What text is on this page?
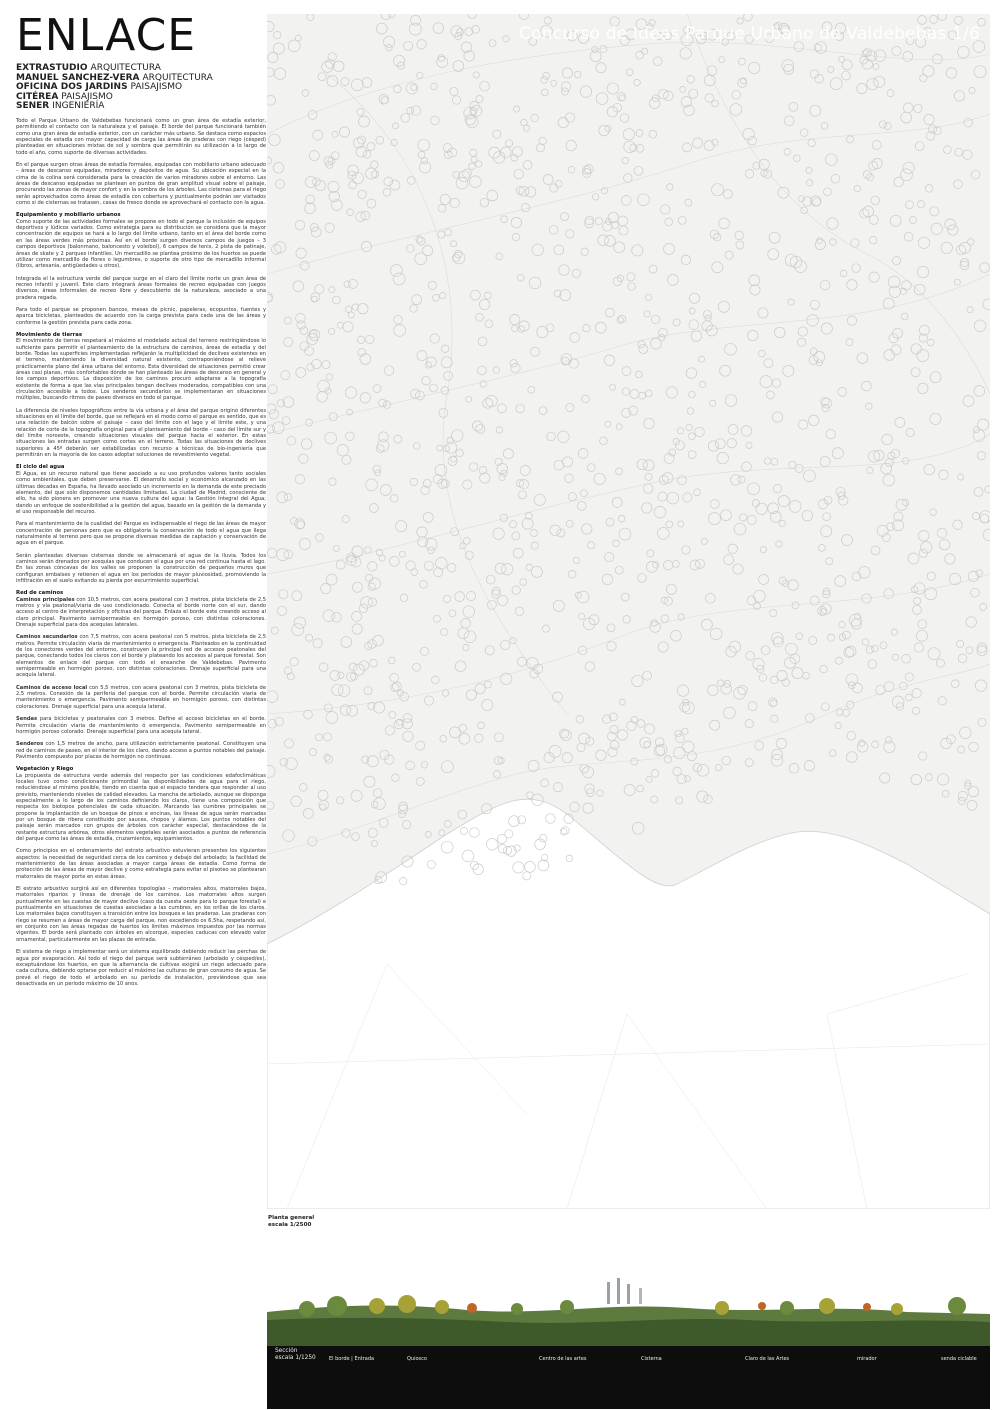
ENLACE
EXTRASTUDIO ARQUITECTURA
MANUEL SANCHEZ-VERA ARQUITECTURA
OFICINA DOS JARDINS PAISAJISMO
CITÉREA PAISAJISMO
SENER INGENIERÍA

Todo el Parque Urbano de Valdebebas funcionará como un gran área de estadía exterior, permitiendo el contacto con la naturaleza y el paisaje. El borde del parque funcionará también como una gran área de estadía exterior, con un carácter más urbano. Se destaca como espacios especiales de estadía con mayor capacidad de carga las áreas de praderas con riego (césped) planteadas en situaciones mixtas de sol y sombra que permitirán su utilización a lo largo de todo el año, como suporte de diversas actividades.

En el parque surgen otras áreas de estadía formales, equipadas con mobiliario urbano adecuado – áreas de descanso equipadas, miradores y depósitos de agua. Su ubicación especial en la cima de la colina será considerada para la creación de varios miradores sobre el entorno. Las áreas de descanso equipadas se plantean en puntos de gran amplitud visual sobre el paisaje, procurando las zonas de mayor confort y en la sombra de los árboles. Las cisternas para el riego serán aprovechados como áreas de estadía con cobertura y puntualmente podrán ser visitados como si de cisternas se tratasen, casas de fresco donde se aprovechará el contacto con la agua.

Equipamiento y mobiliario urbanos

Como suporte de las actividades formales se propone en todo el parque la inclusión de equipos deportivos y lúdicos variados. Como estrategia para su distribución se considera que la mayor concentración de equipos se hará a lo largo del límite urbano, tanto en el área del borde como en las áreas verdes más próximas. Así en el borde surgen diversos campos de juegos – 3 campos deportivos (balonmano, baloncesto y voleibol), 6 campos de tenis, 2 pista de patinaje, áreas de skate y 2 parques infantiles. Un mercadillo se plantea próximo de los huertos se puede utilizar como mercadillo de flores o legumbres, o suporte de otro tipo de mercadillo informal (libros, artesanía, antigüedades u otros).

Integrada el la estructura verde del parque surge en el claro del límite norte un gran área de recreo infantil y juvenil. Este claro integrará áreas formales de recreo equipadas con juegos diversos, áreas informales de recreo libre y descubierto de la naturaleza, asociado a una pradera regada.

Para todo el parque se proponen bancos, mesas de picnic, papeleras, ecopuntos, fuentes y aparca bicicletas, planteados de acuerdo con la carga prevista para cada una de las áreas y conforme la gestión prevista para cada zona.

Movimiento de tierras

El movimiento de tierras respetará al máximo el modelado actual del terreno restringiéndose lo suficiente para permitir el planteamiento de la estructura de caminos, áreas de estadía y del borde. Todas las superficies implementadas reflejarán la multiplicidad de declives existentes en el terreno, manteniendo la diversidad natural existente, contraponiéndose al relieve prácticamente plano del área urbana del entorno. Esta diversidad de situaciones permitió crear áreas casi planas, más confortables dónde se han planteado las áreas de descanso en general y los campos deportivos. La disposición de los caminos procuró adaptarse a la topografía existente de forma a que las vías principales tengan declives moderados, compatibles con una circulación accesible a todos. Los senderos secundarios se implementaran en situaciones múltiples, buscando ritmos de paseo diversos en todo el parque.

La diferencia de niveles topográficos entre la vía urbana y el área del parque originó diferentes situaciones en el límite del borde, que se reflejará en el modo como el parque es sentido, que es una relación de balcón sobre el paisaje – caso del límite con el lago y el límite este, y una relación de corte de la topografía original para el planteamiento del borde – caso del límite sur y del límite noroeste, creando situaciones visuales del parque hacia el exterior. En estas situaciones las entradas surgen como cortes en el terreno. Todas las situaciones de declives superiores a 45º deberán ser estabilizadas con recurso a técnicas de bio-ingeniería que permitirán en la mayoría de los casos adoptar soluciones de revestimiento vegetal.

El ciclo del agua

El Agua, es un recurso natural que tiene asociado a su uso profundos valores tanto sociales como ambientales, que deben preservarse. El desarrollo social y económico alcanzado en las últimas décadas en España, ha llevado asociado un incremento en la demanda de este preciado elemento, del que sólo disponemos cantidades limitadas. La ciudad de Madrid, consciente de ello, ha sido pionera en promover una nueva cultura del agua: la Gestión Integral del Agua; dando un enfoque de sostenibilidad a la gestión del agua, basado en la gestión de la demanda y el uso responsable del recurso.

Para el mantenimiento de la cualidad del Parque es indispensable el riego de las áreas de mayor concentración de personas pero que es obligatoria la conservación de todo el agua que llega naturalmente al terreno pero que se propone diversas medidas de captación y conservación de agua en el parque.

Serán planteadas diversas cisternas donde se almacenará el agua de la lluvia. Todos los caminos serán drenados por acequias que conducen el agua por una red continua hasta el lago. En las zonas cóncavas de los valles se proponen la construcción de pequeños muros que configuran embalses y retienen el agua en los períodos de mayor pluviosidad, promoviendo la infiltración en el suelo evitando su pierda por escurrimiento superficial.

Red de caminos

Caminos principales con 10,5 metros, con acera peatonal con 3 metros, pista bicicleta de 2,5 metros y vía peatonal/viaria de uso condicionado. Conecta el borde norte con el sur, dando acceso al centro de interpretación y oficinas del parque. Enlaza el borde este creando acceso al claro principal. Pavimento semipermeable en hormigón poroso, con distintas coloraciones. Drenaje superficial para dos acequias laterales.

Caminos secundarios con 7,5 metros, con acera peatonal con 5 metros, pista bicicleta de 2,5 metros. Permite circulación viaria de mantenimiento o emergencia. Planteados en la continuidad de los conectores verdes del entorno, construyen la principal red de accesos peatonales del parque, conectando todos los claros con el borde y plateando los accesos al parque forestal. Son elementos de enlace del parque con todo el ensanche de Valdebebas. Pavimento semipermeable en hormigón poroso, con distintas coloraciones. Drenaje superficial para una acequia lateral.

Caminos de acceso local con 5,5 metros, con acera peatonal con 3 metros, pista bicicleta de 2,5 metros. Conexión de la periferia del parque con el borde. Permite circulación viaria de mantenimiento o emergencia. Pavimento semipermeable en hormigón poroso, con distintas coloraciones. Drenaje superficial para una acequia lateral.

Sendas para bicicletas y peatonales con 3 metros. Define el acceso bicicletas en el borde. Permite circulación viaria de mantenimiento ó emergencia. Pavimento semipermeable en hormigón poroso colorado. Drenaje superficial para una acequia lateral.

Senderos con 1,5 metros de ancho, para utilización estrictamente peatonal. Constituyen una red de caminos de paseo, en el interior de los claro, dando acceso a puntos notables del paisaje. Pavimento compuesto por placas de hormigón no continuas.

Vegetación y Riego

La propuesta de estructura verde además del respecto por las condiciones edafoclimáticas locales tuvo como condicionante primordial las disponibilidades de agua para el riego, reduciéndose al mínimo posible, tiendo en cuenta que el espacio tendera que responder al uso previsto, manteniendo niveles de calidad elevados. La mancha de arbolado, aunque se disponga especialmente a lo largo de los caminos definiendo los claros, tiene una composición que respecta los biotopos potenciales de cada situación. Marcando las cumbres principales se propone la implantación de un bosque de pinos e encinas, las líneas de agua serán marcadas por un bosque de ribera constituido por sauces, chopos y álamos. Los puntos notables del paisaje serán marcados con grupos de árboles con carácter especial, destacándose de la restante estructura arbórea, otros elementos vegetales serán asociados a puntos de referencia del parque como las áreas de estadía, cruzamientos, equipamientos.

Como principios en el ordenamiento del estrato arbustivo estuvieran presentes los siguientes aspectos: la necesidad de seguridad cerca de los caminos y debajo del arbolado; la facilidad de mantenimiento de las áreas asociadas a mayor carga áreas de estadía. Como forma de protección de las áreas de mayor declive y como estrategia para evitar el pisoteo se plantearan matorrales de mayor porte en estas áreas.

El estrato arbustivo surgirá así en diferentes topologías – matorrales altos, matorrales bajos, matorrales riparios y líneas de drenaje de los caminos. Los matorrales altos surgen puntualmente en las cuestas de mayor declive (caso da cuesta oeste para lo parque forestal) e puntualmente en situaciones de cuestas asociadas a las cumbres, en los orillas de los claros. Los matorrales bajos constituyen a transición entre los bosques e las praderas. Las praderas con riego se resumen a áreas de mayor carga del parque, non excediendo os 6,5ha, respetando así, en conjunto con las áreas regadas de huertos los límites máximos impuestos por las normas vigentes. El borde será plantado con árboles en alcorque, especies caducas con elevado valor ornamental, particularmente en las plazas de entrada.

El sistema de riego a implementar será un sistema equilibrado debiendo reducir las perchas de agua por evaporación. Así todo el riego del parque será subterráneo (arbolado y césped/es), exceptuándose los huertos, en que la alternancia de cultivas exigirá un riego adecuado para cada cultura, debiendo optarse por reducir al máximo las culturas de gran consumo de agua. Se prevé el riego de todo el arbolado en su período de instalación, previéndose que sea desactivada en un periodo máximo de 10 anos.

Concurso de Ideas Parque Urbano de Valdebebas 1/6
Planta general
escala 1/2500
Sección
escala 1/1250	El borde | Entrada	Quiosco	Centro de las artes	Cisterna	Claro de las Artes	mirador	senda ciclable
